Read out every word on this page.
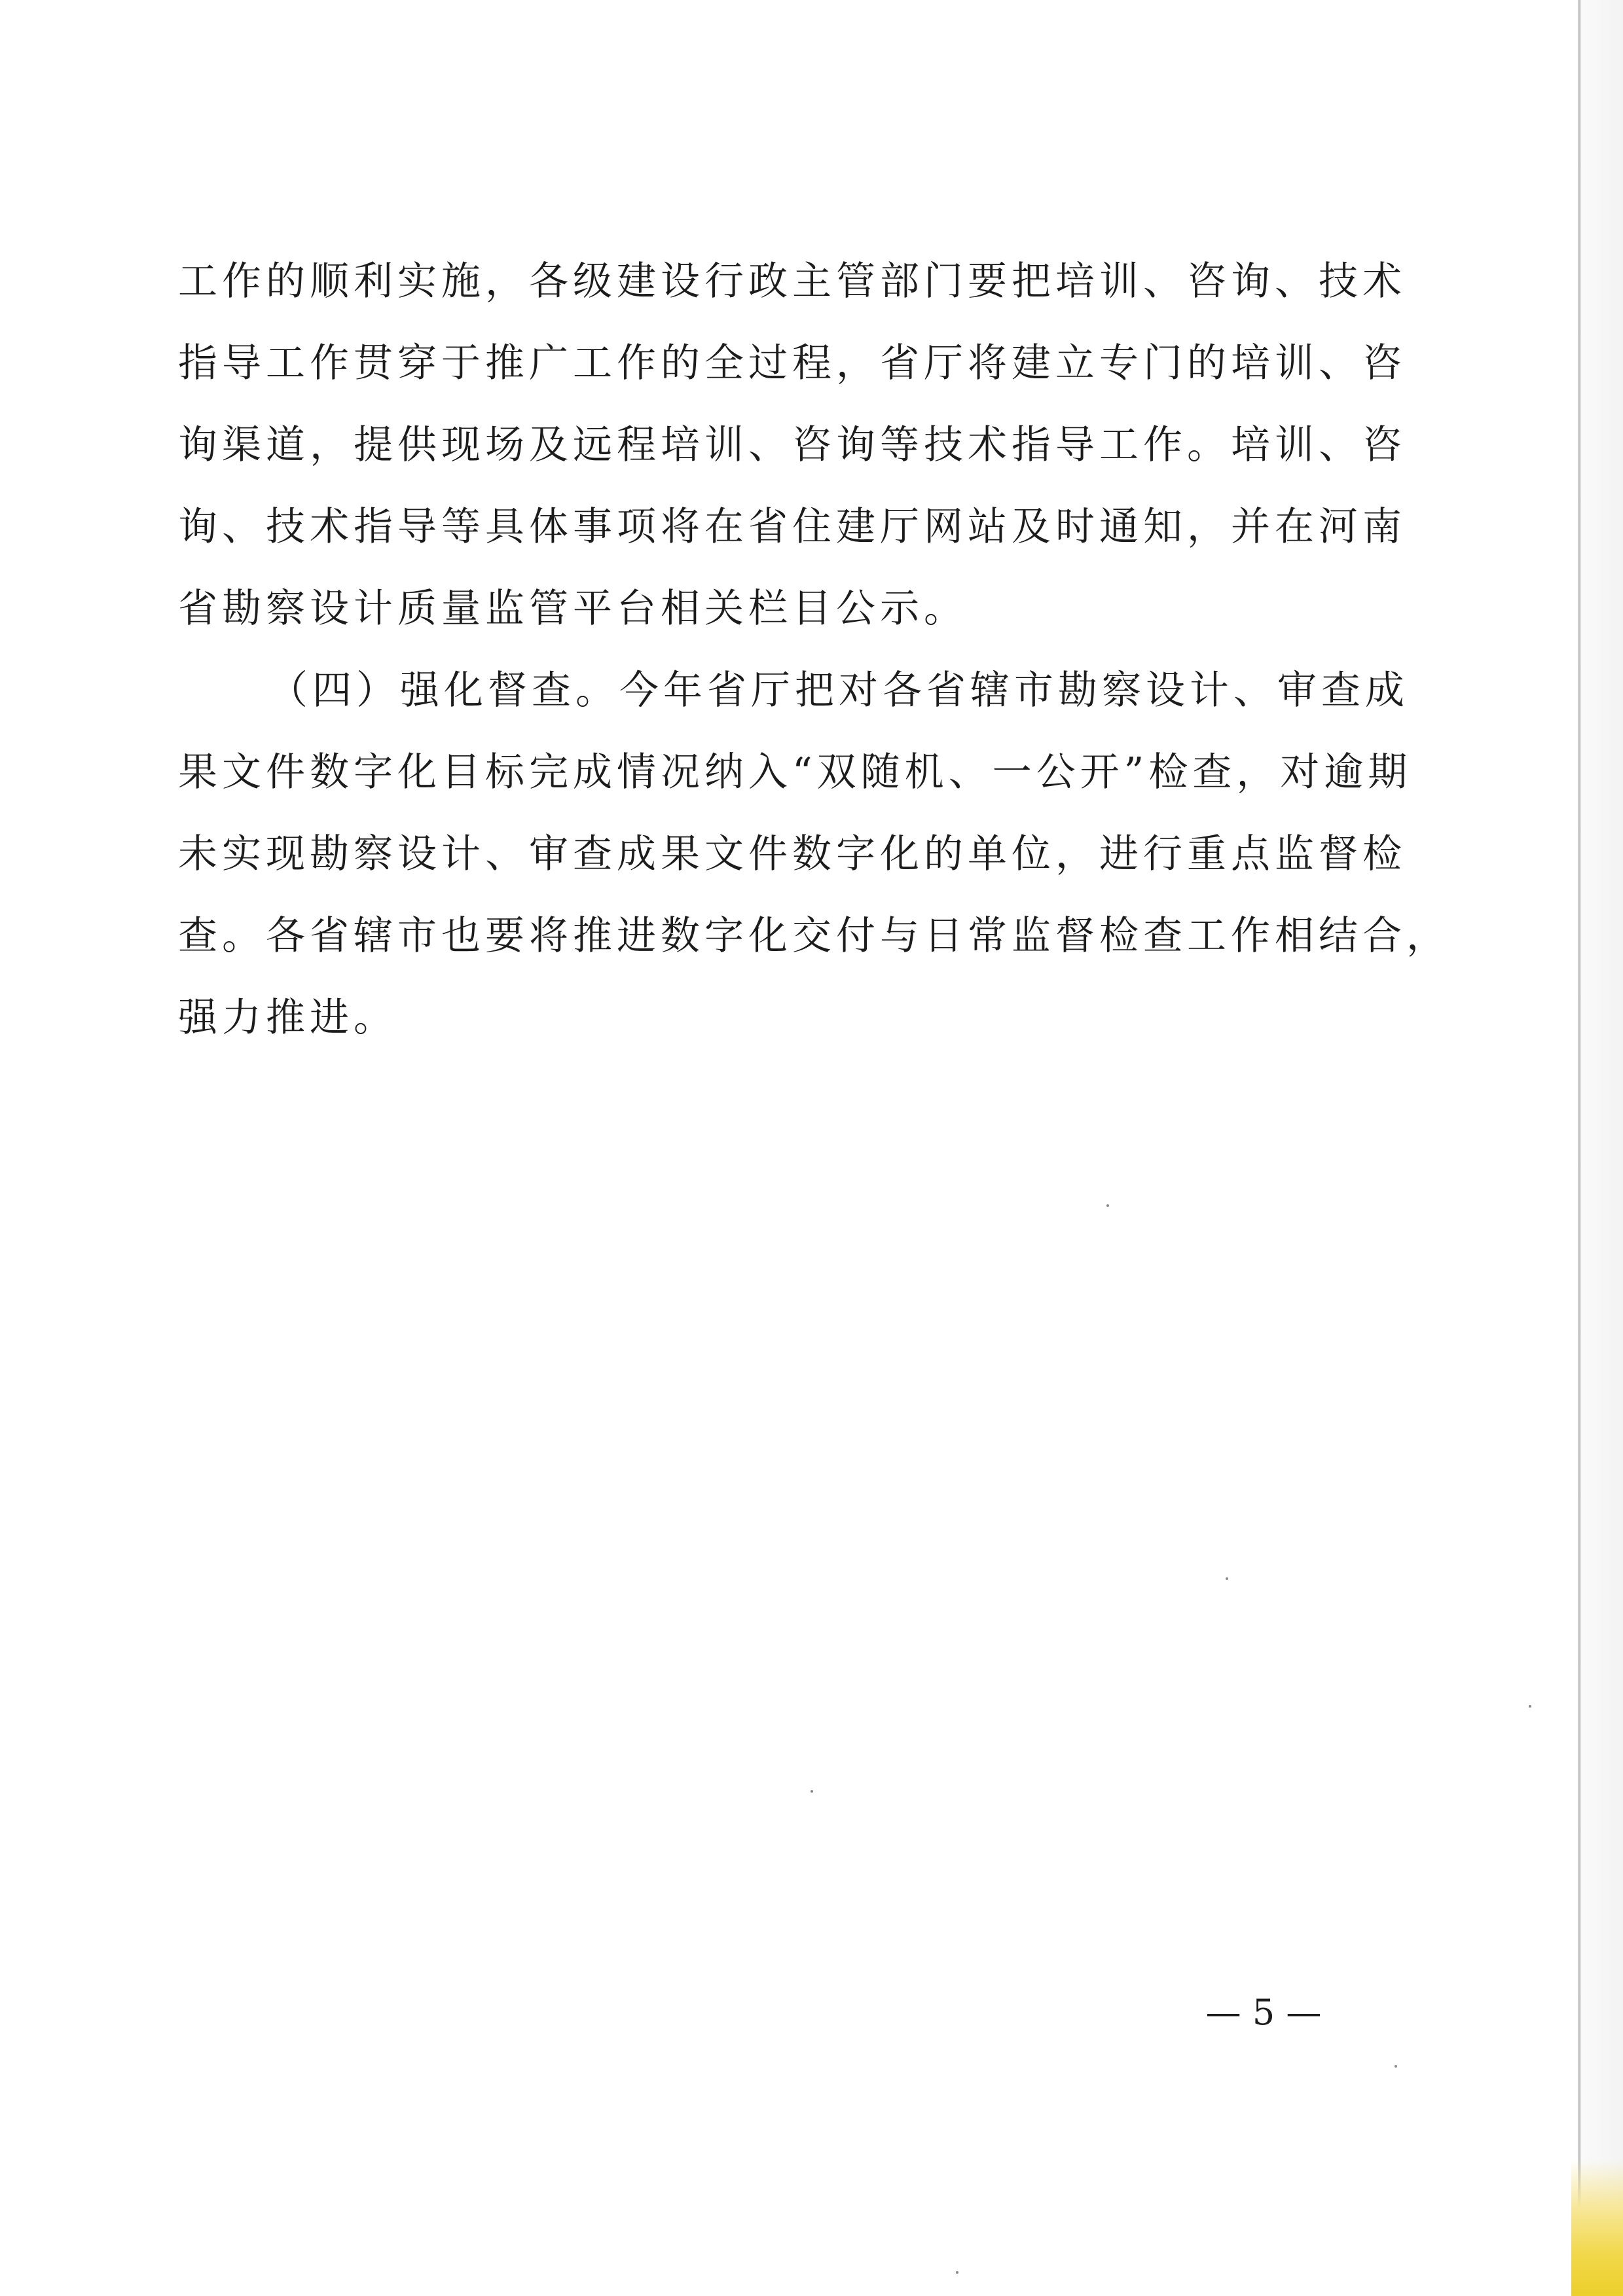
工作的顺利实施，各级建设行政主管部门要把培训、咨询、技术
指导工作贯穿于推广工作的全过程，省厅将建立专门的培训、咨
询渠道，提供现场及远程培训、咨询等技术指导工作。培训、咨
询、技术指导等具体事项将在省住建厅网站及时通知，并在河南
省勘察设计质量监管平台相关栏目公示。
（四）强化督查。今年省厅把对各省辖市勘察设计、审查成
果文件数字化目标完成情况纳入“双随机、一公开”检查，对逾期
未实现勘察设计、审查成果文件数字化的单位，进行重点监督检
查。各省辖市也要将推进数字化交付与日常监督检查工作相结合，
强力推进。
— 5 —
